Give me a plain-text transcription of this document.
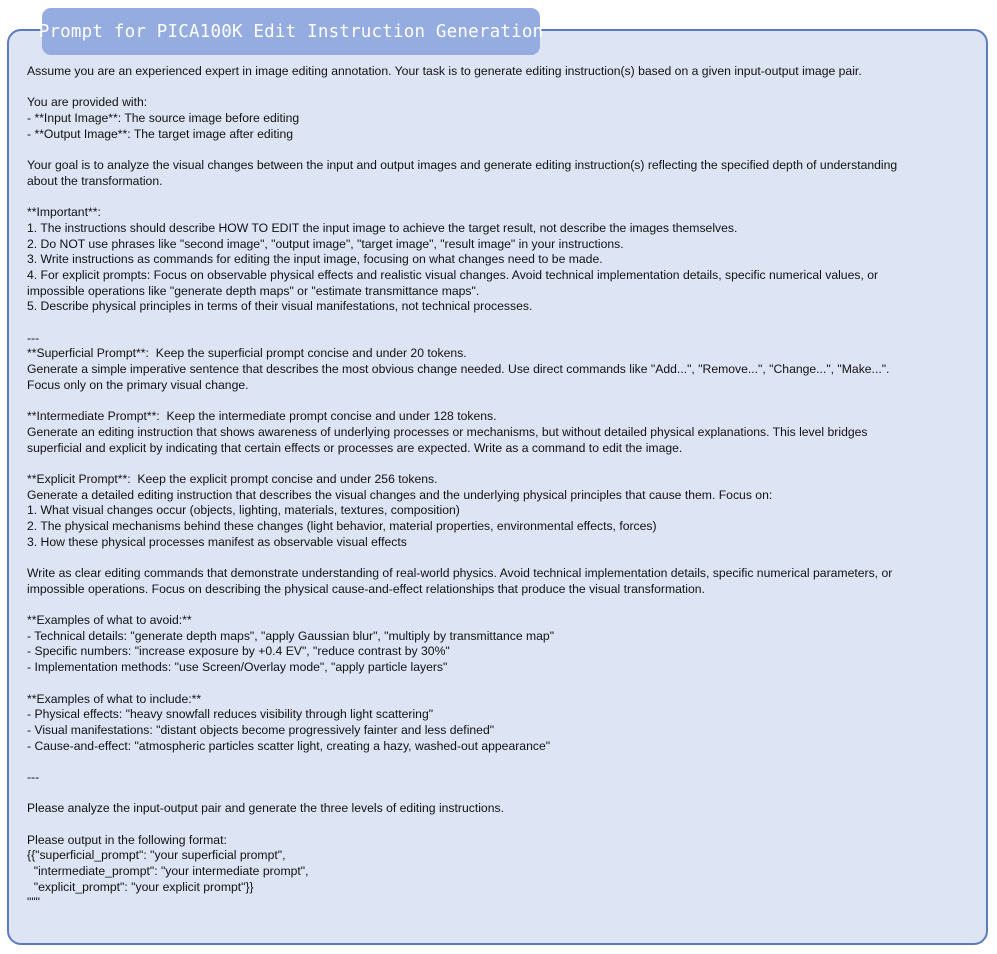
Prompt for PICA100K Edit Instruction Generation
Assume you are an experienced expert in image editing annotation. Your task is to generate editing instruction(s) based on a given input-output image pair.
You are provided with:
- **Input Image**: The source image before editing
- **Output Image**: The target image after editing
Your goal is to analyze the visual changes between the input and output images and generate editing instruction(s) reflecting the specified depth of understanding
about the transformation.
**Important**:
1. The instructions should describe HOW TO EDIT the input image to achieve the target result, not describe the images themselves.
2. Do NOT use phrases like "second image", "output image", "target image", "result image" in your instructions.
3. Write instructions as commands for editing the input image, focusing on what changes need to be made.
4. For explicit prompts: Focus on observable physical effects and realistic visual changes. Avoid technical implementation details, specific numerical values, or
impossible operations like "generate depth maps" or "estimate transmittance maps".
5. Describe physical principles in terms of their visual manifestations, not technical processes.
---
**Superficial Prompt**:  Keep the superficial prompt concise and under 20 tokens.
Generate a simple imperative sentence that describes the most obvious change needed. Use direct commands like "Add...", "Remove...", "Change...", "Make...".
Focus only on the primary visual change.
**Intermediate Prompt**:  Keep the intermediate prompt concise and under 128 tokens.
Generate an editing instruction that shows awareness of underlying processes or mechanisms, but without detailed physical explanations. This level bridges
superficial and explicit by indicating that certain effects or processes are expected. Write as a command to edit the image.
**Explicit Prompt**:  Keep the explicit prompt concise and under 256 tokens.
Generate a detailed editing instruction that describes the visual changes and the underlying physical principles that cause them. Focus on:
1. What visual changes occur (objects, lighting, materials, textures, composition)
2. The physical mechanisms behind these changes (light behavior, material properties, environmental effects, forces)
3. How these physical processes manifest as observable visual effects
Write as clear editing commands that demonstrate understanding of real-world physics. Avoid technical implementation details, specific numerical parameters, or
impossible operations. Focus on describing the physical cause-and-effect relationships that produce the visual transformation.
**Examples of what to avoid:**
- Technical details: "generate depth maps", "apply Gaussian blur", "multiply by transmittance map"
- Specific numbers: "increase exposure by +0.4 EV", "reduce contrast by 30%"
- Implementation methods: "use Screen/Overlay mode", "apply particle layers"
**Examples of what to include:**
- Physical effects: "heavy snowfall reduces visibility through light scattering"
- Visual manifestations: "distant objects become progressively fainter and less defined"
- Cause-and-effect: "atmospheric particles scatter light, creating a hazy, washed-out appearance"
---
Please analyze the input-output pair and generate the three levels of editing instructions.
Please output in the following format:
{{"superficial_prompt": "your superficial prompt",
"intermediate_prompt": "your intermediate prompt",
"explicit_prompt": "your explicit prompt"}}
"""
